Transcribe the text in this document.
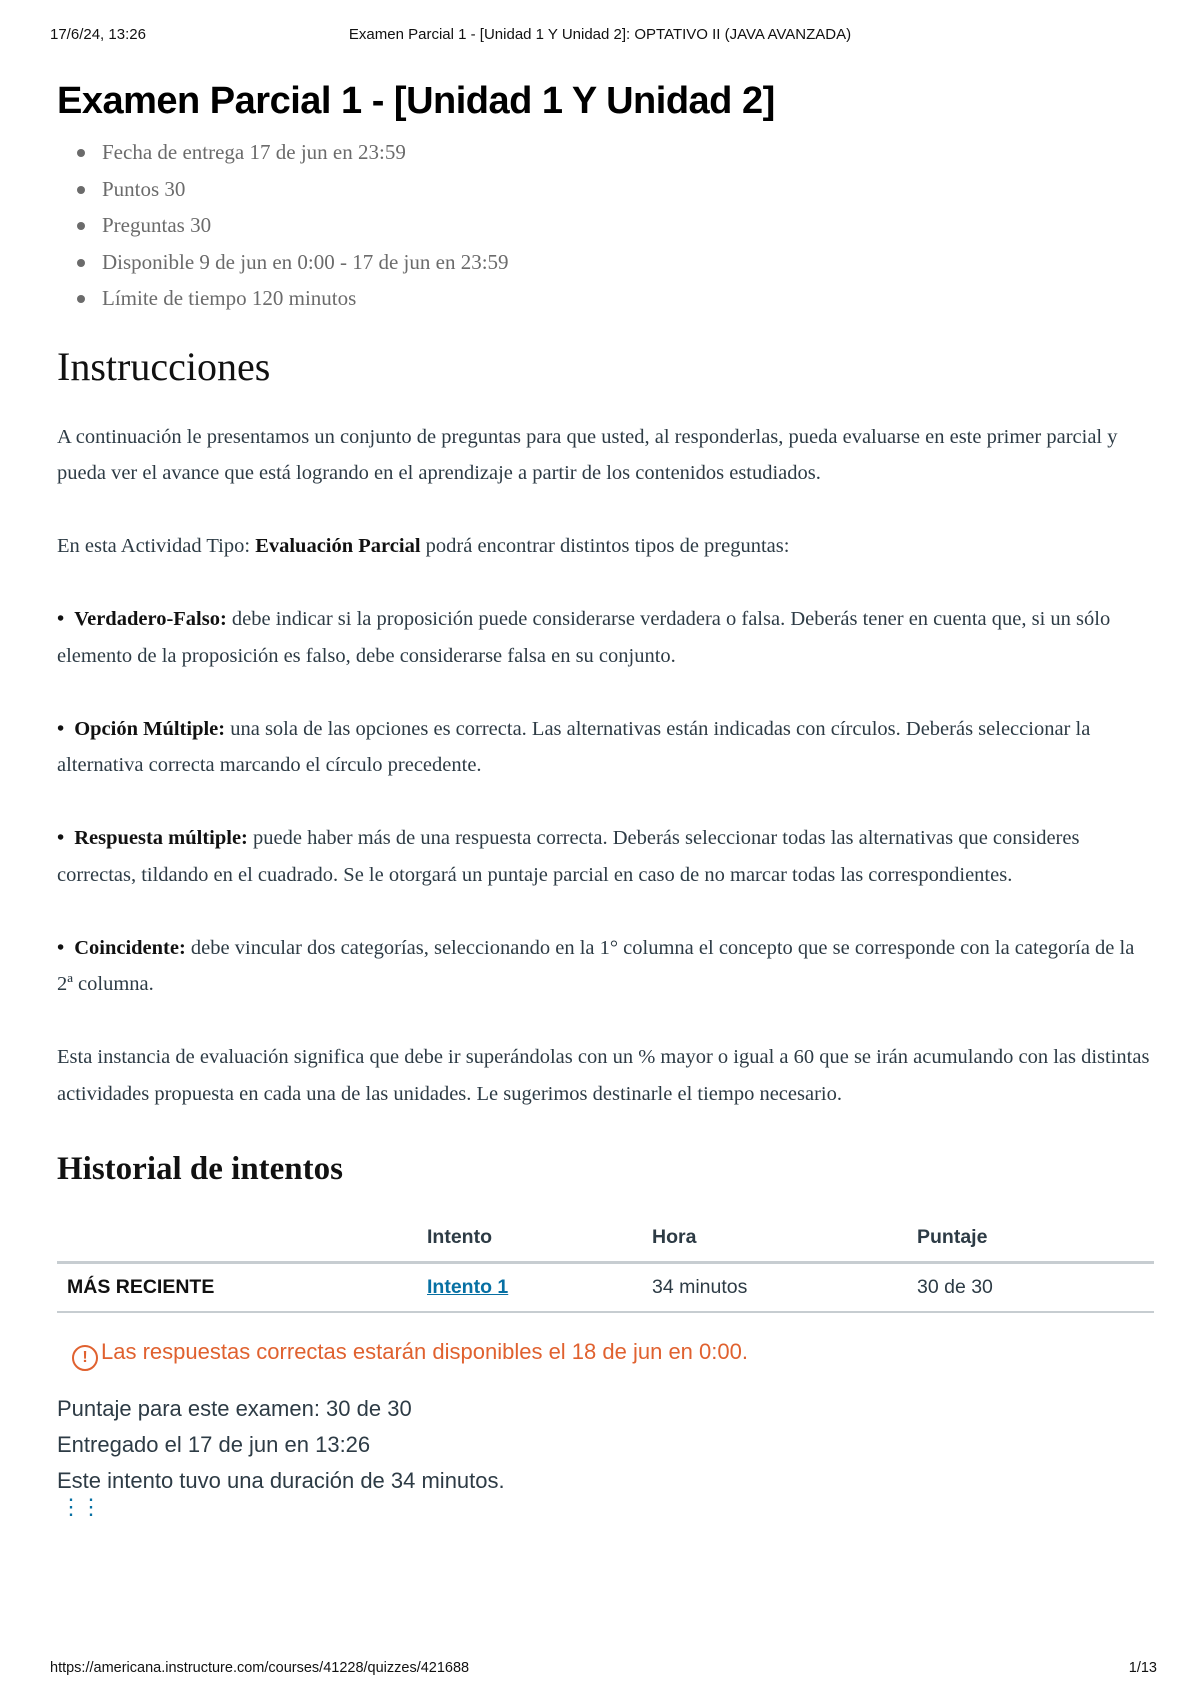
17/6/24, 13:26	Examen Parcial 1 - [Unidad 1 Y Unidad 2]: OPTATIVO II (JAVA AVANZADA)
Examen Parcial 1 - [Unidad 1 Y Unidad 2]
Fecha de entrega 17 de jun en 23:59
Puntos 30
Preguntas 30
Disponible 9 de jun en 0:00 - 17 de jun en 23:59
Límite de tiempo 120 minutos
Instrucciones

A continuación le presentamos un conjunto de preguntas para que usted, al responderlas, pueda evaluarse en este primer parcial y pueda ver el avance que está logrando en el aprendizaje a partir de los contenidos estudiados.

En esta Actividad Tipo: Evaluación Parcial podrá encontrar distintos tipos de preguntas:

• Verdadero-Falso: debe indicar si la proposición puede considerarse verdadera o falsa. Deberás tener en cuenta que, si un sólo elemento de la proposición es falso, debe considerarse falsa en su conjunto.

• Opción Múltiple: una sola de las opciones es correcta. Las alternativas están indicadas con círculos. Deberás seleccionar la alternativa correcta marcando el círculo precedente.

• Respuesta múltiple: puede haber más de una respuesta correcta. Deberás seleccionar todas las alternativas que consideres correctas, tildando en el cuadrado. Se le otorgará un puntaje parcial en caso de no marcar todas las correspondientes.

• Coincidente: debe vincular dos categorías, seleccionando en la 1° columna el concepto que se corresponde con la categoría de la 2ª columna.

Esta instancia de evaluación significa que debe ir superándolas con un % mayor o igual a 60 que se irán acumulando con las distintas actividades propuesta en cada una de las unidades. Le sugerimos destinarle el tiempo necesario.

Historial de intentos
	Intento	Hora	Puntaje
MÁS RECIENTE	Intento 1	34 minutos	30 de 30
! Las respuestas correctas estarán disponibles el 18 de jun en 0:00.
Puntaje para este examen: 30 de 30
Entregado el 17 de jun en 13:26
Este intento tuvo una duración de 34 minutos.
⋮⋮
https://americana.instructure.com/courses/41228/quizzes/421688	1/13
